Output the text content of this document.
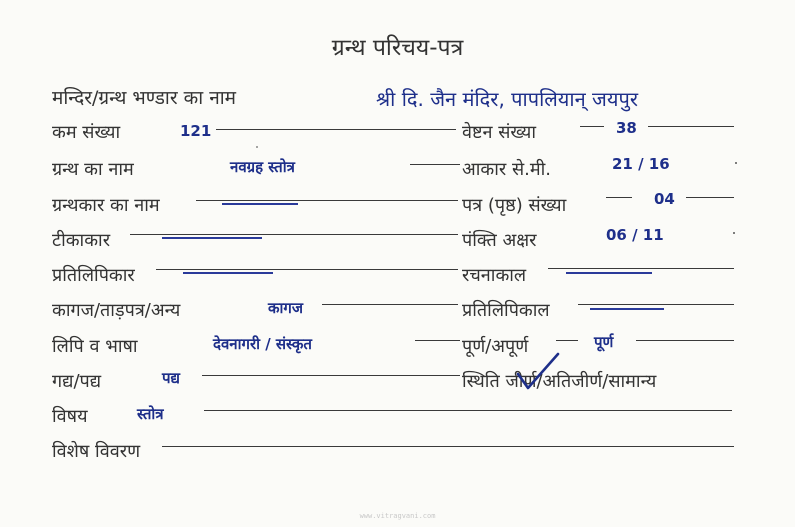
ग्रन्थ परिचय-पत्र
मन्दिर/ग्रन्थ भण्डार का नाम	श्री दि. जैन मंदिर, पापलियान् जयपुर
कम संख्या
ग्रन्थ का नाम
ग्रन्थकार का नाम
टीकाकार
प्रतिलिपिकार
कागज/ताड़पत्र/अन्य
लिपि व भाषा
गद्य/पद्य
विषय
विशेष विवरण
121
नवग्रह स्तोत्र
कागज
देवनागरी / संस्कृत
पद्य
स्तोत्र
वेष्टन संख्या
आकार से.मी.
पत्र (पृष्ठ) संख्या
पंक्ति अक्षर
रचनाकाल
प्रतिलिपिकाल
पूर्ण/अपूर्ण
स्थिति जीर्ण/अतिजीर्ण/सामान्य
38
21 / 16
04
06 / 11
पूर्ण
www.vitragvani.com
